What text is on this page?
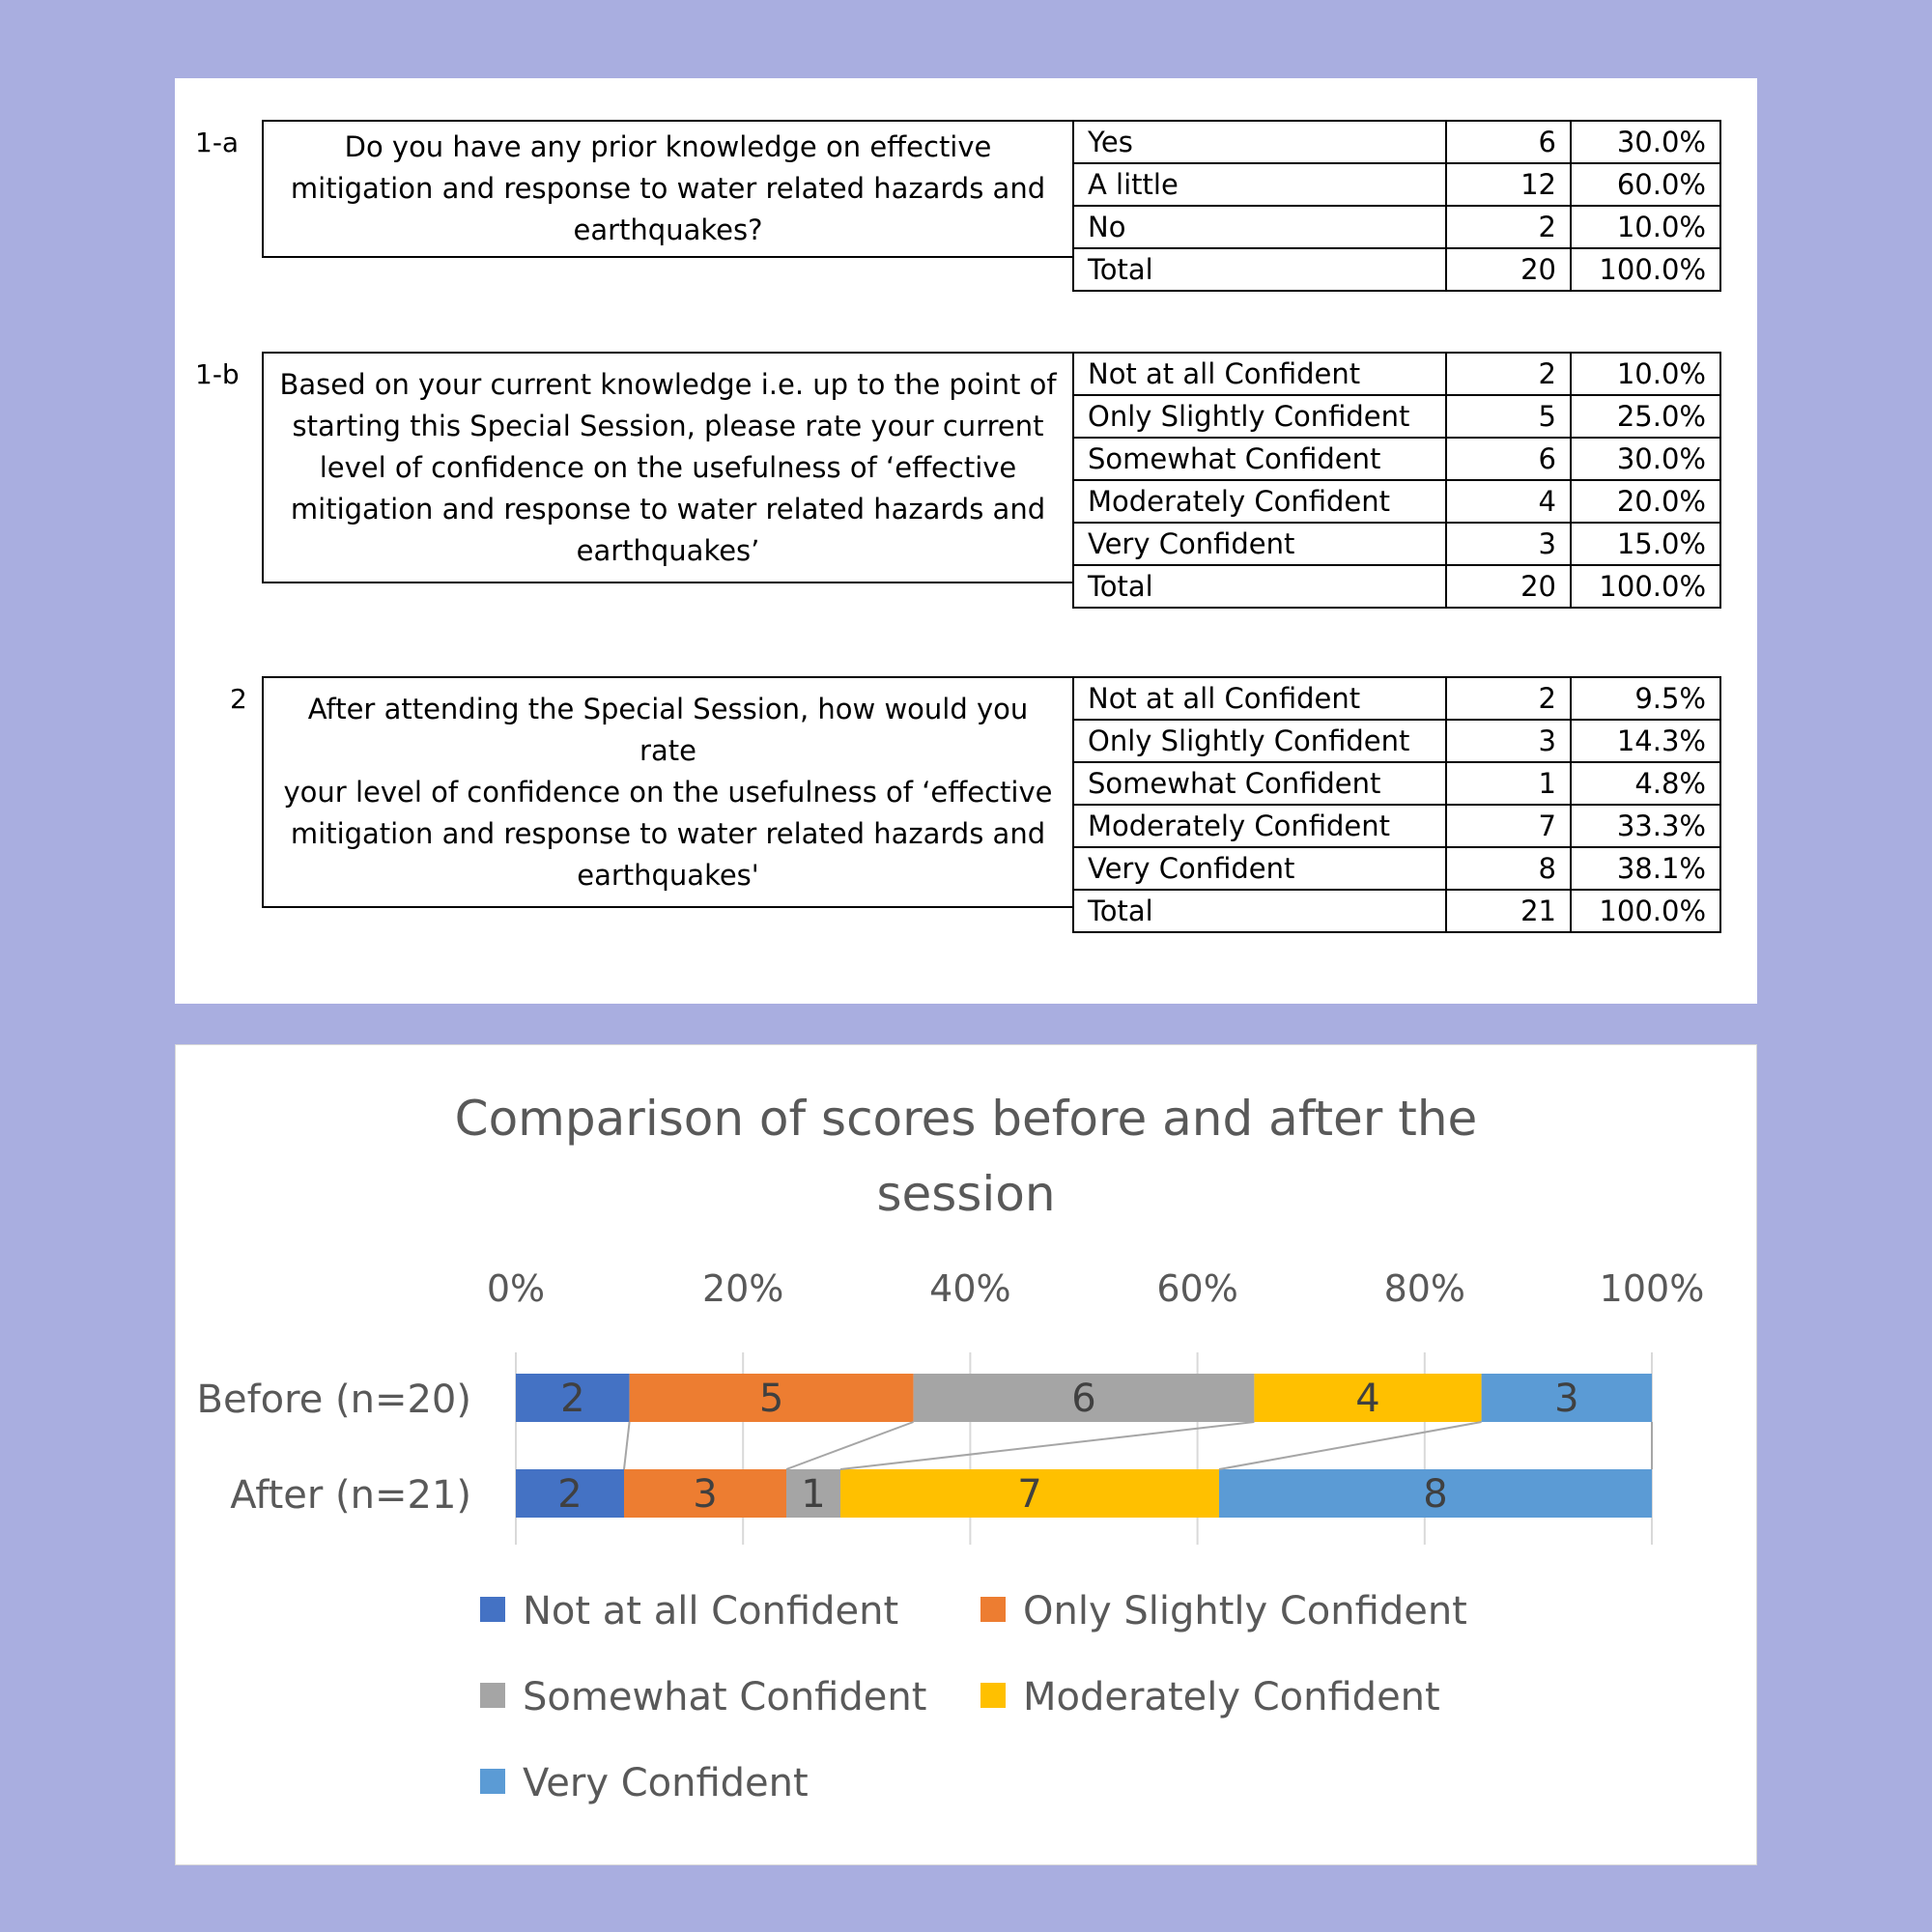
1-a	Do you have any prior knowledge on effective
mitigation and response to water related hazards and
earthquakes?
Yes	6	30.0%
A little	12	60.0%
No	2	10.0%
Total	20	100.0%
1-b Based on your current knowledge i.e. up to the point of
starting this Special Session, please rate your current
level of confidence on the usefulness of ‘effective
mitigation and response to water related hazards and
earthquakes’
Not at all Confident	2	10.0%
Only Slightly Confident	5	25.0%
Somewhat Confident	6	30.0%
Moderately Confident	4	20.0%
Very Confident	3	15.0%
Total	20	100.0%
2	After attending the Special Session, how would you rate
your level of confidence on the usefulness of ‘effective
mitigation and response to water related hazards and
earthquakes'
Not at all Confident	2	9.5%
Only Slightly Confident	3	14.3%
Somewhat Confident	1	4.8%
Moderately Confident	7	33.3%
Very Confident	8	38.1%
Total	21	100.0%
Comparison of scores before and after the session
0%	20%	40%	60%	80%	100%
Before (n=20) 2	5	6	4	3
After (n=21) 2	3 1	7	8
Not at all Confident	Only Slightly Confident
Somewhat Confident Moderately Confident
Very Confident
